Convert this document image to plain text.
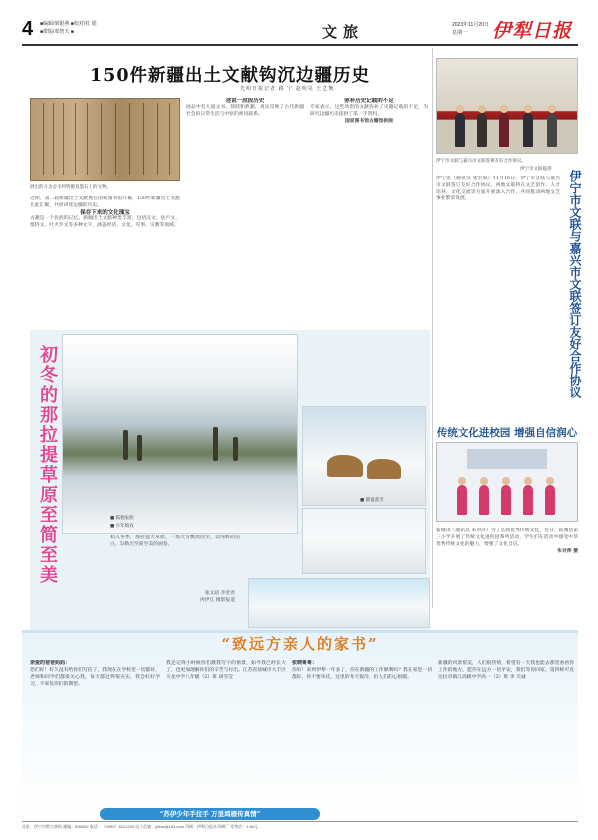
4 ■编辑/梁银燕 ■校对/杜 娟
■排版/邓智天 ■	文旅	2023年11月20日
星期一	伊犁日报
150件新疆出土文献钩沉边疆历史
光明日报记者 路 宁 赵明昊 王艺衡
展出的斗舍舍羊阿特鄯真墨石上的文物。

近期，第二届新疆出土文献展在国家图书馆开幕，150件新疆出土文献在此汇聚，共同讲述边疆的历史。

保存下来的文化瑰宝

古籍是一个民族的记忆。新疆出土文献种类丰富，包括汉文、佉卢文、粟特文、吐火罗文等多种文字，涵盖经济、文化、军事、宗教等领域。

述说一段段历史

展品中有大量文书、简牍和典籍，真实反映了古代新疆社会的日常生活与中原的密切联系。

弥补历史记载的不足

专家表示，这些珍贵的文献弥补了史籍记载的不足，为研究边疆历史提供了第一手资料。

国家图书馆古籍馆供图

伊宁市文联与嘉兴市文联签署友好合作协议。
伊宁市文联提供
伊宁市文联与嘉兴市文联签订友好合作协议
伊宁讯（通讯员 张宏斌）11月16日，伊宁市文联与嘉兴市文联签订友好合作协议，两地文联将在文艺创作、人才培养、文化交流等方面开展深入合作，共同推动两地文艺事业繁荣发展。
传统文化进校园 增强自信润心

霍城讯（通讯员 朱对萍）为了弘扬优秀传统文化，近日，霍城县第三小学开展了传统文化进校园系列活动，学生们在活动中感受中华优秀传统文化的魅力，增强了文化自信。

朱对萍 摄

初冬的那拉提草原至简至美	■ 狐狸家族
■ 少年嬉戏
■ 静谧落雪
初入冬季，那拉提大草原，一场大雪飘然而至，以纯粹的洁白，勾勒出至简至美的画卷。
张文超 李金善
冉伊江 摄影报道
“致远方亲人的家书”
亲爱的爸爸妈妈：
您们好！好久没有给你们写信了，我现在在学校里一切都好，老师和同学们都很关心我，每天都过得很充实。我会好好学习，不辜负你们的期望。
我还记得小时候你们教我写字的情景，如今我已经长大了，也更加理解你们的辛苦与付出。江苏省盐城市大丰区斗龙中学八年级（2）班 胡雪莹
张晓哥哥：
你好！来到伊犁一年多了，你在新疆的工作顺利吗？我在家里一切都好，你不要牵挂。这里的冬天很冷，但人们的心很暖。
新疆的风景很美，人们很热情，希望有一天我也能去那里看看你工作的地方。愿你在远方一切平安，我们等你回家。第四师可克达拉市镇江高级中学高一（3）班 李 天诚
“苏伊少年手拉手 万里鸿雁传真情”
社址：伊宁市斯大林街 邮编：835000 电话：（0999）8121233 电子信箱：ylrbw@163.com 印刷：伊犁日报社印刷厂 零售价：1.50元
